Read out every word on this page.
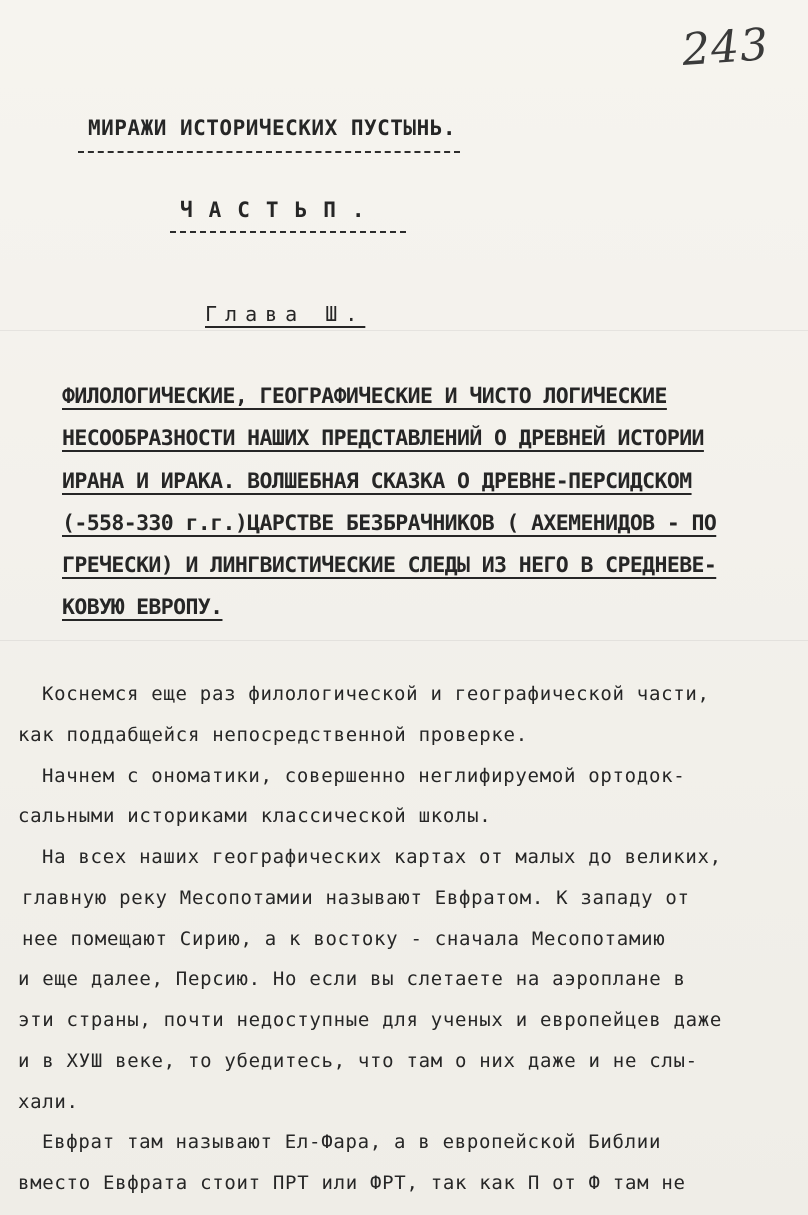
243
МИРАЖИ ИСТОРИЧЕСКИХ ПУСТЫНЬ.
ЧАСТЬП.
Глава Ш.
ФИЛОЛОГИЧЕСКИЕ, ГЕОГРАФИЧЕСКИЕ И ЧИСТО ЛОГИЧЕСКИЕ
НЕСООБРАЗНОСТИ НАШИХ ПРЕДСТАВЛЕНИЙ О ДРЕВНЕЙ ИСТОРИИ
ИРАНА И ИРАКА. ВОЛШЕБНАЯ СКАЗКА О ДРЕВНЕ-ПЕРСИДСКОМ
(-558-330 г.г.)ЦАРСТВЕ БЕЗБРАЧНИКОВ ( АХЕМЕНИДОВ - ПО
ГРЕЧЕСКИ) И ЛИНГВИСТИЧЕСКИЕ СЛЕДЫ ИЗ НЕГО В СРЕДНЕВЕ-
КОВУЮ ЕВРОПУ.
Коснемся еще раз филологической и географической части,
как поддабщейся непосредственной проверке.
Начнем с ономатики, совершенно неглифируемой ортодок-
сальными историками классической школы.
На всех наших географических картах от малых до великих,
главную реку Месопотамии называют Евфратом. К западу от
нее помещают Сирию, а к востоку - сначала Месопотамию
и еще далее, Персию. Но если вы слетаете на аэроплане в
эти страны, почти недоступные для ученых и европейцев даже
и в ХУШ веке, то убедитесь, что там о них даже и не слы-
хали.
Евфрат там называют Ел-Фара, а в европейской Библии
вместо Евфрата стоит ПРТ или ФРТ, так как П от Ф там не
